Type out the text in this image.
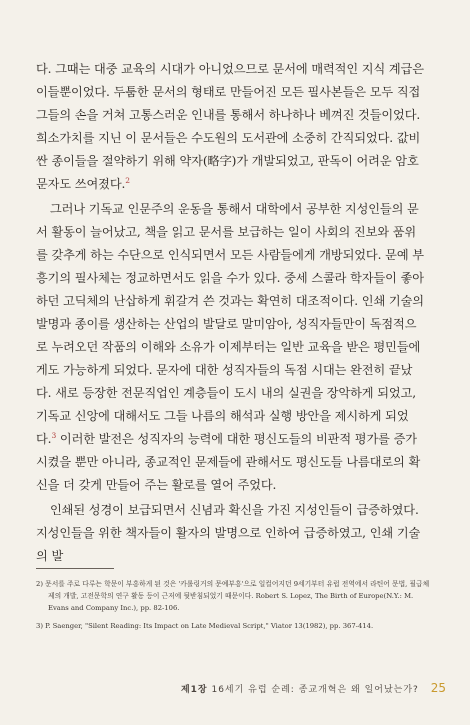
다. 그때는 대중 교육의 시대가 아니었으므로 문서에 매력적인 지식 계급은 이들뿐이었다. 두툼한 문서의 형태로 만들어진 모든 필사본들은 모두 직접 그들의 손을 거쳐 고통스러운 인내를 통해서 하나하나 베껴진 것들이었다. 희소가치를 지닌 이 문서들은 수도원의 도서관에 소중히 간직되었다. 값비싼 종이들을 절약하기 위해 약자(略字)가 개발되었고, 판독이 어려운 암호 문자도 쓰여졌다.$^2$

그러나 기독교 인문주의 운동을 통해서 대학에서 공부한 지성인들의 문서 활동이 늘어났고, 책을 읽고 문서를 보급하는 일이 사회의 진보와 품위를 갖추게 하는 수단으로 인식되면서 모든 사람들에게 개방되었다. 문예 부흥기의 필사체는 정교하면서도 읽을 수가 있다. 중세 스콜라 학자들이 좋아하던 고딕체의 난삽하게 휘갈겨 쓴 것과는 확연히 대조적이다. 인쇄 기술의 발명과 종이를 생산하는 산업의 발달로 말미암아, 성직자들만이 독점적으로 누려오던 작품의 이해와 소유가 이제부터는 일반 교육을 받은 평민들에게도 가능하게 되었다. 문자에 대한 성직자들의 독점 시대는 완전히 끝났다. 새로 등장한 전문직업인 계층들이 도시 내의 실권을 장악하게 되었고, 기독교 신앙에 대해서도 그들 나름의 해석과 실행 방안을 제시하게 되었다.$^3$ 이러한 발전은 성직자의 능력에 대한 평신도들의 비판적 평가를 증가시켰을 뿐만 아니라, 종교적인 문제들에 관해서도 평신도들 나름대로의 확신을 더 갖게 만들어 주는 활로를 열어 주었다.

인쇄된 성경이 보급되면서 신념과 확신을 가진 지성인들이 급증하였다. 지성인들을 위한 책자들이 활자의 발명으로 인하여 급증하였고, 인쇄 기술의 발

2) 문서를 주로 다루는 학문이 부흥하게 된 것은 '카롤링거의 문예부흥'으로 일컬어지던 9세기부터 유럽 전역에서 라틴어 문법, 필급체제의 개발, 고전문학의 연구 활동 등이 근저에 뒷받침되었기 때문이다. Robert S. Lopez, The Birth of Europe(N.Y.: M. Evans and Company Inc.), pp. 82-106.

3) P. Saenger, "Silent Reading: Its Impact on Late Medieval Script," Viator 13(1982), pp. 367-414.

제1장 16세기 유럽 순례: 종교개혁은 왜 일어났는가? 25
